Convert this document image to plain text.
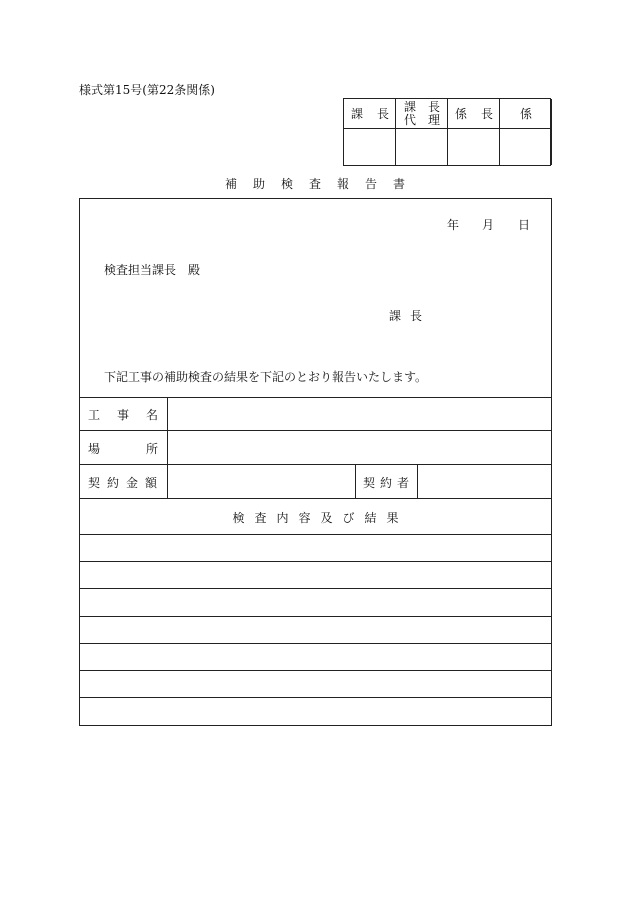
様式第15号(第22条関係)
課 長
課　長
代　理 係 長 係
補助検査報告書
年 月 日
検査担当課長　殿
課 長
下記工事の補助検査の結果を下記のとおり報告いたします。
工事名
場所
契約金額	契約者
検査内容及び結果
